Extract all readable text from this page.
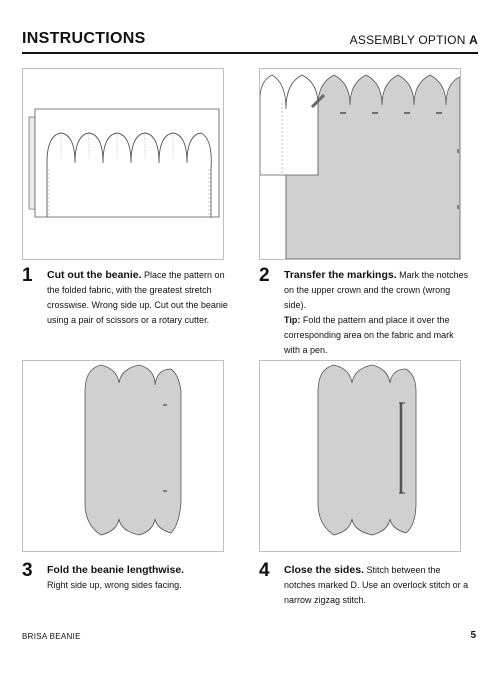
INSTRUCTIONS	ASSEMBLY OPTION A
1 Cut out the beanie. Place the pattern on the folded fabric, with the greatest stretch crosswise. Wrong side up. Cut out the beanie using a pair of scissors or a rotary cutter.
2 Transfer the markings. Mark the notches on the upper crown and the crown (wrong side).
Tip: Fold the pattern and place it over the corresponding area on the fabric and mark with a pen.
3 Fold the beanie lengthwise.
Right side up, wrong sides facing.
4 Close the sides. Stitch between the notches marked D. Use an overlock stitch or a narrow zigzag stitch.
BRISA BEANIE	5
